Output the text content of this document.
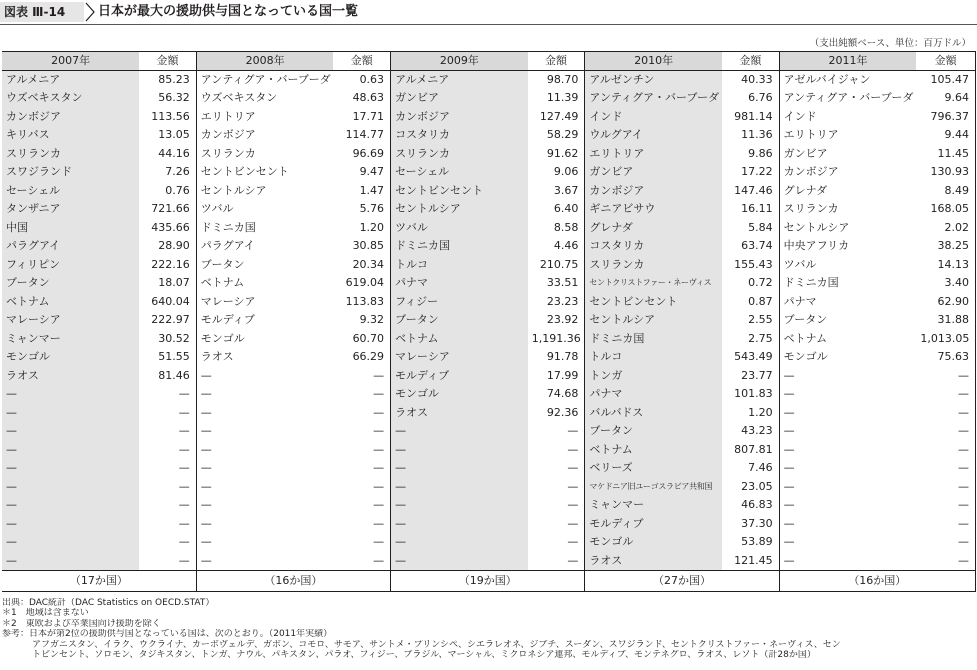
図表 Ⅲ-14	日本が最大の援助供与国となっている国一覧
（支出純額ベース、単位：百万ドル）
2007年	金額	2008年	金額	2009年	金額	2010年	金額	2011年	金額
アルメニア	85.23	アンティグア・バーブーダ	0.63	アルメニア	98.70	アルゼンチン	40.33	アゼルバイジャン	105.47
ウズベキスタン	56.32	ウズベキスタン	48.63	ガンビア	11.39	アンティグア・バーブーダ	6.76	アンティグア・バーブーダ	9.64
カンボジア	113.56	エリトリア	17.71	カンボジア	127.49	インド	981.14	インド	796.37
キリバス	13.05	カンボジア	114.77	コスタリカ	58.29	ウルグアイ	11.36	エリトリア	9.44
スリランカ	44.16	スリランカ	96.69	スリランカ	91.62	エリトリア	9.86	ガンビア	11.45
スワジランド	7.26	セントビンセント	9.47	セーシェル	9.06	ガンビア	17.22	カンボジア	130.93
セーシェル	0.76	セントルシア	1.47	セントビンセント	3.67	カンボジア	147.46	グレナダ	8.49
タンザニア	721.66	ツバル	5.76	セントルシア	6.40	ギニアビサウ	16.11	スリランカ	168.05
中国	435.66	ドミニカ国	1.20	ツバル	8.58	グレナダ	5.84	セントルシア	2.02
パラグアイ	28.90	パラグアイ	30.85	ドミニカ国	4.46	コスタリカ	63.74	中央アフリカ	38.25
フィリピン	222.16	ブータン	20.34	トルコ	210.75	スリランカ	155.43	ツバル	14.13
ブータン	18.07	ベトナム	619.04	パナマ	33.51	セントクリストファー・ネーヴィス	0.72	ドミニカ国	3.40
ベトナム	640.04	マレーシア	113.83	フィジー	23.23	セントビンセント	0.87	パナマ	62.90
マレーシア	222.97	モルディブ	9.32	ブータン	23.92	セントルシア	2.55	ブータン	31.88
ミャンマー	30.52	モンゴル	60.70	ベトナム	1,191.36	ドミニカ国	2.75	ベトナム	1,013.05
モンゴル	51.55	ラオス	66.29	マレーシア	91.78	トルコ	543.49	モンゴル	75.63
ラオス	81.46	—	—	モルディブ	17.99	トンガ	23.77	—	—
—	—	—	—	モンゴル	74.68	パナマ	101.83	—	—
—	—	—	—	ラオス	92.36	バルバドス	1.20	—	—
—	—	—	—	—	—	ブータン	43.23	—	—
—	—	—	—	—	—	ベトナム	807.81	—	—
—	—	—	—	—	—	ベリーズ	7.46	—	—
—	—	—	—	—	—	マケドニア旧ユーゴスラビア共和国	23.05	—	—
—	—	—	—	—	—	ミャンマー	46.83	—	—
—	—	—	—	—	—	モルディブ	37.30	—	—
—	—	—	—	—	—	モンゴル	53.89	—	—
—	—	—	—	—	—	ラオス	121.45	—	—
（17か国）		（16か国）		（19か国）		（27か国）		（16か国）	
出典：DAC統計（DAC Statistics on OECD.STAT）
＊1　地域は含まない
＊2　東欧および卒業国向け援助を除く
参考：日本が第2位の援助供与国となっている国は、次のとおり。（2011年実績）
アフガニスタン、イラク、ウクライナ、カーボヴェルデ、ガボン、コモロ、サモア、サントメ・プリンシペ、シエラレオネ、ジブチ、スーダン、スワジランド、セントクリストファー・ネーヴィス、セン
トビンセント、ソロモン、タジキスタン、トンガ、ナウル、パキスタン、パラオ、フィジー、ブラジル、マーシャル、ミクロネシア連邦、モルディブ、モンテネグロ、ラオス、レソト（計28か国）
